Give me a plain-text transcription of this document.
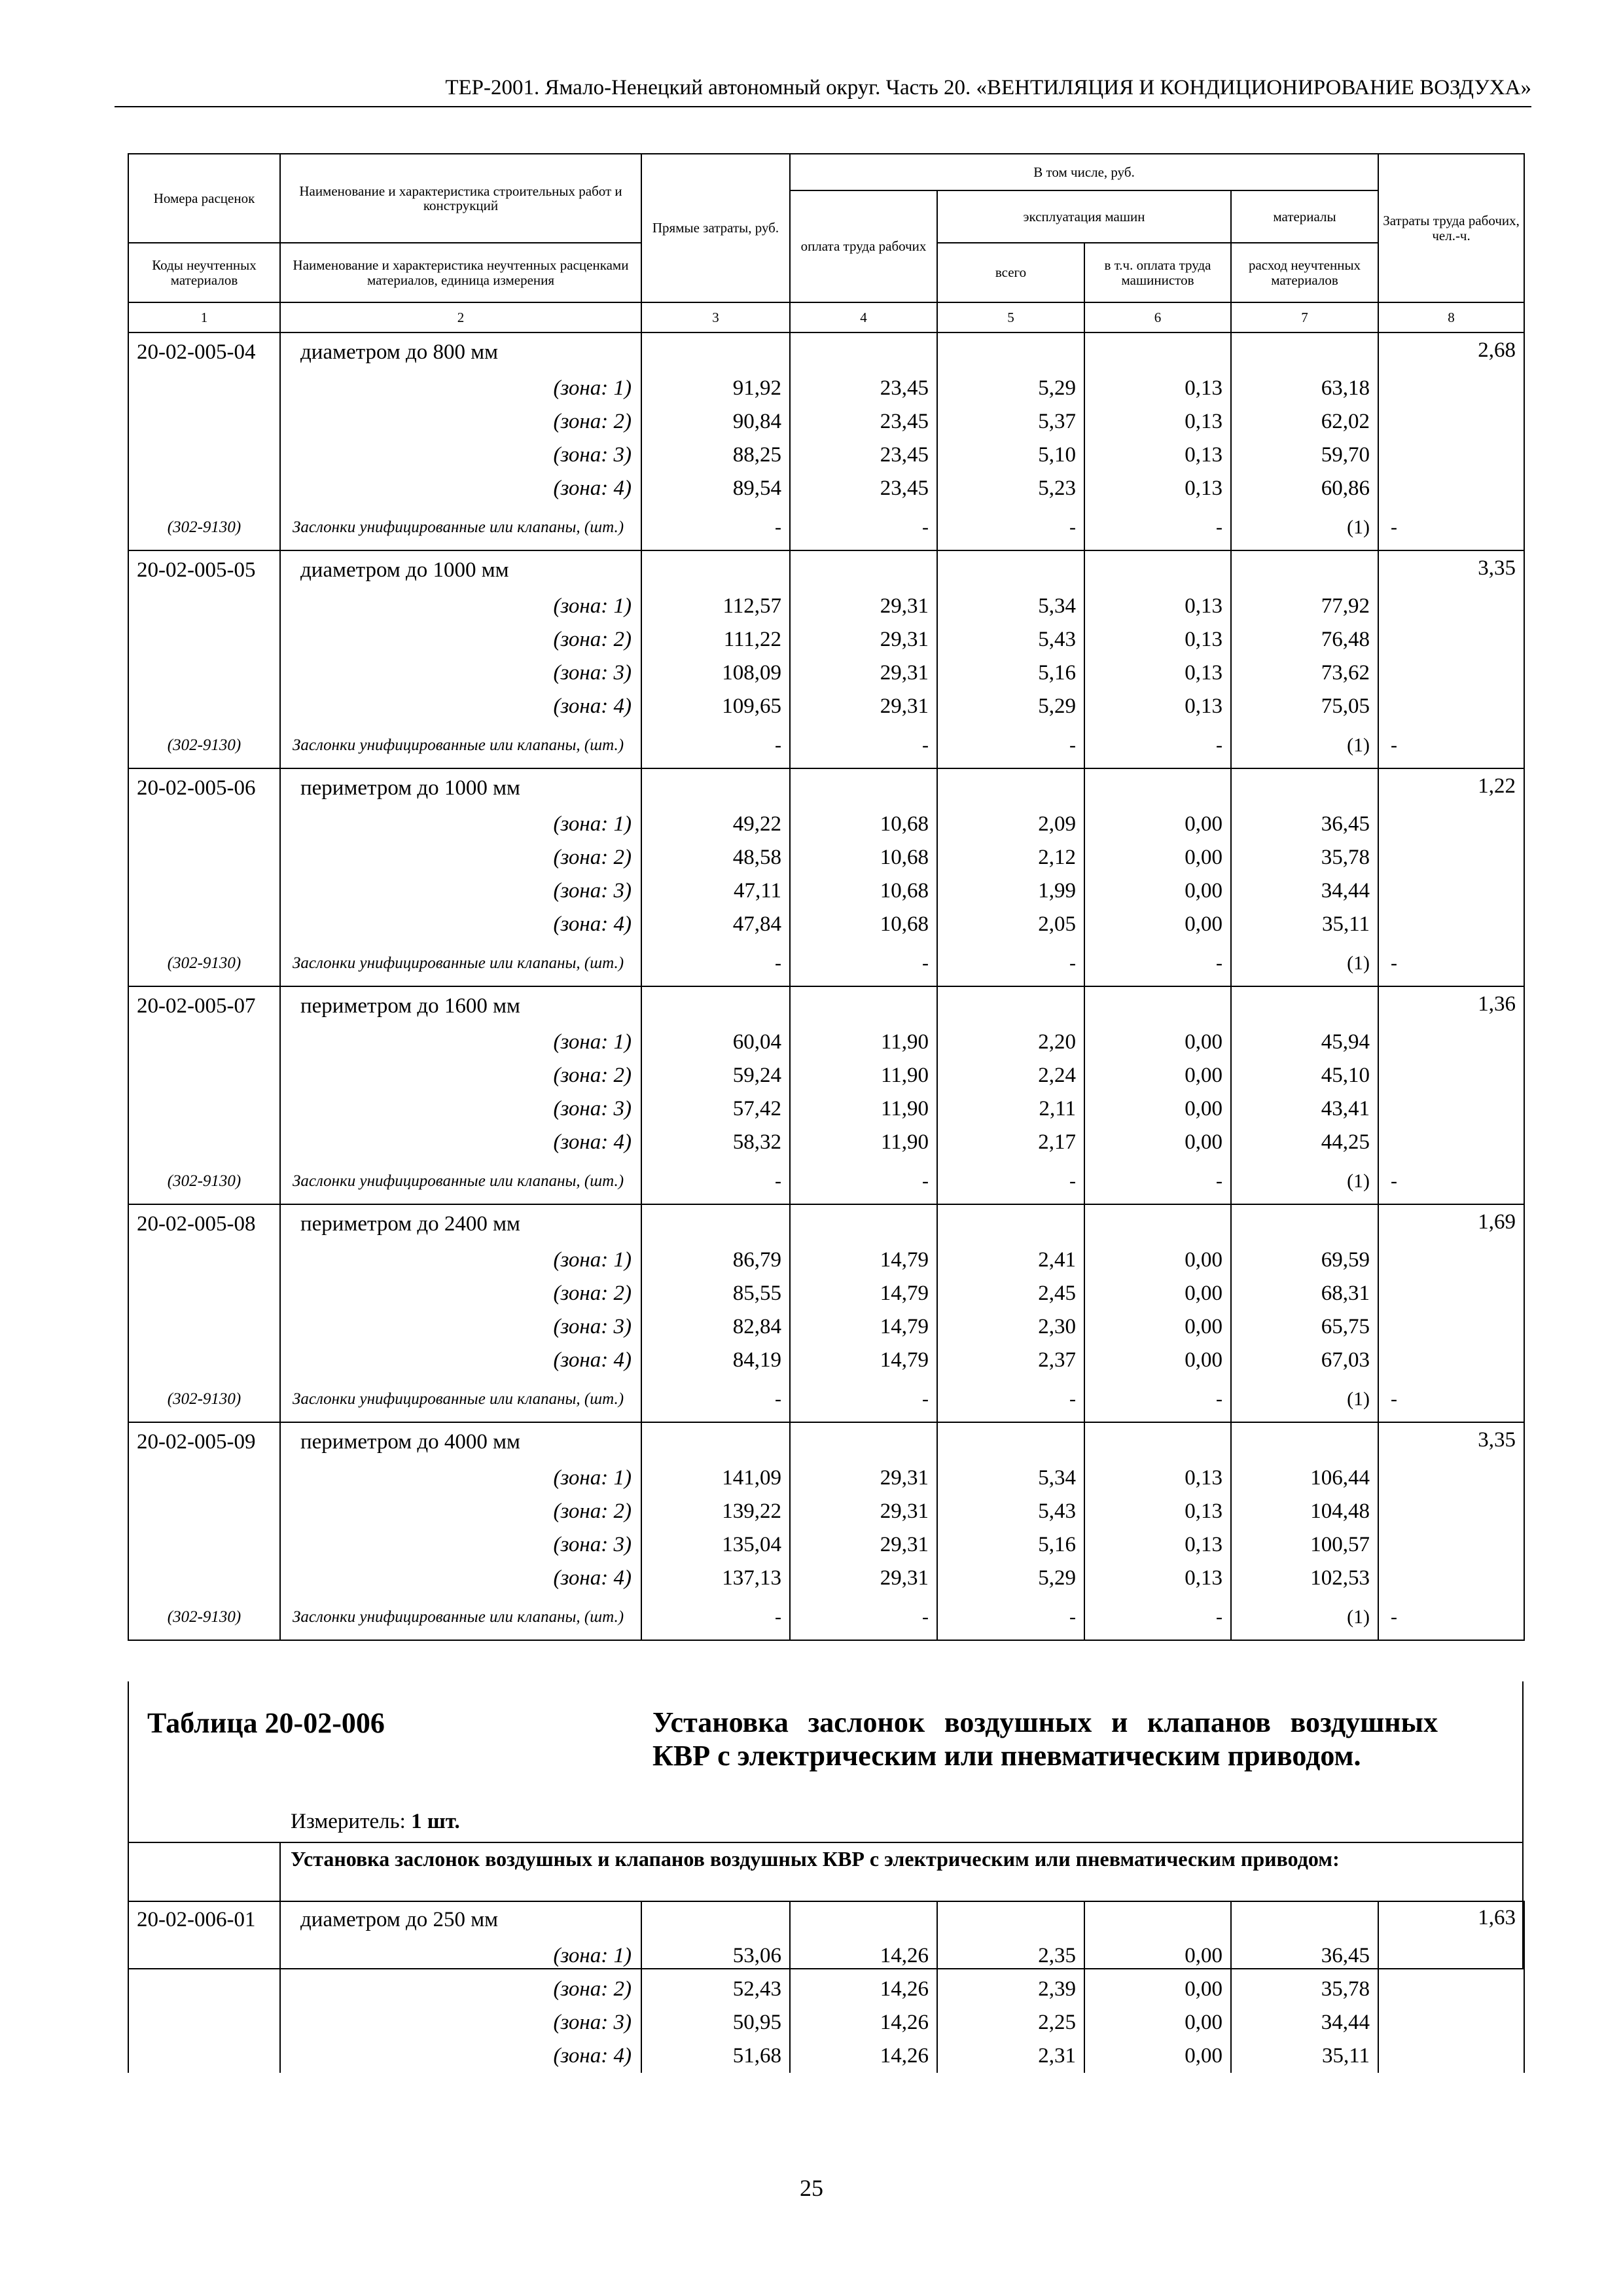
ТЕР-2001. Ямало-Ненецкий автономный округ. Часть 20. «ВЕНТИЛЯЦИЯ И КОНДИЦИОНИРОВАНИЕ ВОЗДУХА»
Номера расценок	Наименование и характеристика строительных работ и конструкций	Прямые затраты, руб.	В том числе, руб.				Затраты труда рабочих, чел.-ч.
			оплата труда рабочих	эксплуатация машин		материалы	

Коды неучтенных материалов	Наименование и характеристика неучтенных расценками материалов, единица измерения			всего	в т.ч. оплата труда машинистов	расход неучтенных материалов	
1	2	3	4	5	6	7	8
20-02-005-04	диаметром до 800 мм						2,68
	(зона: 1)	91,92	23,45	5,29	0,13	63,18	
	(зона: 2)	90,84	23,45	5,37	0,13	62,02	
	(зона: 3)	88,25	23,45	5,10	0,13	59,70	
	(зона: 4)	89,54	23,45	5,23	0,13	60,86	
(302-9130)	Заслонки унифицированные или клапаны, (шт.)	-	-	-	-	(1)	-
20-02-005-05	диаметром до 1000 мм						3,35
	(зона: 1)	112,57	29,31	5,34	0,13	77,92	
	(зона: 2)	111,22	29,31	5,43	0,13	76,48	
	(зона: 3)	108,09	29,31	5,16	0,13	73,62	
	(зона: 4)	109,65	29,31	5,29	0,13	75,05	
(302-9130)	Заслонки унифицированные или клапаны, (шт.)	-	-	-	-	(1)	-
20-02-005-06	периметром до 1000 мм						1,22
	(зона: 1)	49,22	10,68	2,09	0,00	36,45	
	(зона: 2)	48,58	10,68	2,12	0,00	35,78	
	(зона: 3)	47,11	10,68	1,99	0,00	34,44	
	(зона: 4)	47,84	10,68	2,05	0,00	35,11	
(302-9130)	Заслонки унифицированные или клапаны, (шт.)	-	-	-	-	(1)	-
20-02-005-07	периметром до 1600 мм						1,36
	(зона: 1)	60,04	11,90	2,20	0,00	45,94	
	(зона: 2)	59,24	11,90	2,24	0,00	45,10	
	(зона: 3)	57,42	11,90	2,11	0,00	43,41	
	(зона: 4)	58,32	11,90	2,17	0,00	44,25	
(302-9130)	Заслонки унифицированные или клапаны, (шт.)	-	-	-	-	(1)	-
20-02-005-08	периметром до 2400 мм						1,69
	(зона: 1)	86,79	14,79	2,41	0,00	69,59	
	(зона: 2)	85,55	14,79	2,45	0,00	68,31	
	(зона: 3)	82,84	14,79	2,30	0,00	65,75	
	(зона: 4)	84,19	14,79	2,37	0,00	67,03	
(302-9130)	Заслонки унифицированные или клапаны, (шт.)	-	-	-	-	(1)	-
20-02-005-09	периметром до 4000 мм						3,35
	(зона: 1)	141,09	29,31	5,34	0,13	106,44	
	(зона: 2)	139,22	29,31	5,43	0,13	104,48	
	(зона: 3)	135,04	29,31	5,16	0,13	100,57	
	(зона: 4)	137,13	29,31	5,29	0,13	102,53	
(302-9130)	Заслонки унифицированные или клапаны, (шт.)	-	-	-	-	(1)	-
Таблица 20-02-006	Установка заслонок воздушных и клапанов воздушных КВР с электрическим или пневматическим приводом.
Измеритель: 1 шт.
Установка заслонок воздушных и клапанов воздушных КВР с электрическим или пневматическим приводом:
20-02-006-01	диаметром до 250 мм						1,63
	(зона: 1)	53,06	14,26	2,35	0,00	36,45	
	(зона: 2)	52,43	14,26	2,39	0,00	35,78	
	(зона: 3)	50,95	14,26	2,25	0,00	34,44	
	(зона: 4)	51,68	14,26	2,31	0,00	35,11	
25
